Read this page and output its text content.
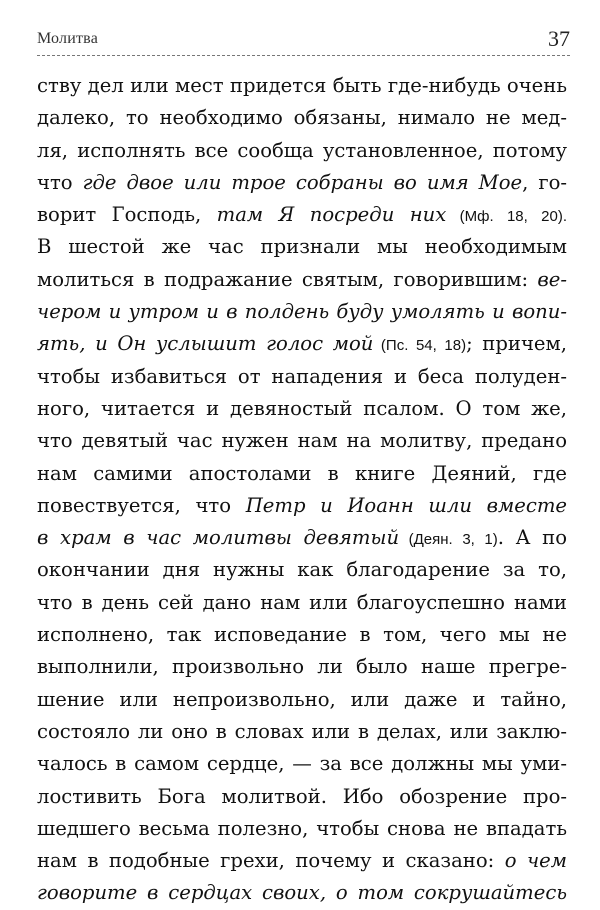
Молитва	37
ству дел или мест придется быть где-нибудь очень
далеко, то необходимо обязаны, нимало не мед-
ля, исполнять все сообща установленное, потому
что где двое или трое собраны во имя Мое, го-
ворит Господь, там Я посреди них (Мф. 18, 20).
В шестой же час признали мы необходимым
молиться в подражание святым, говорившим: ве-
чером и утром и в полдень буду умолять и вопи-
ять, и Он услышит голос мой (Пс. 54, 18); причем,
чтобы избавиться от нападения и беса полуден-
ного, читается и девяностый псалом. О том же,
что девятый час нужен нам на молитву, предано
нам самими апостолами в книге Деяний, где
повествуется, что Петр и Иоанн шли вместе
в храм в час молитвы девятый (Деян. 3, 1). А по
окончании дня нужны как благодарение за то,
что в день сей дано нам или благоуспешно нами
исполнено, так исповедание в том, чего мы не
выполнили, произвольно ли было наше прегре-
шение или непроизвольно, или даже и тайно,
состояло ли оно в словах или в делах, или заклю-
чалось в самом сердце, — за все должны мы уми-
лостивить Бога молитвой. Ибо обозрение про-
шедшего весьма полезно, чтобы снова не впадать
нам в подобные грехи, почему и сказано: о чем
говорите в сердцах своих, о том сокрушайтесь
